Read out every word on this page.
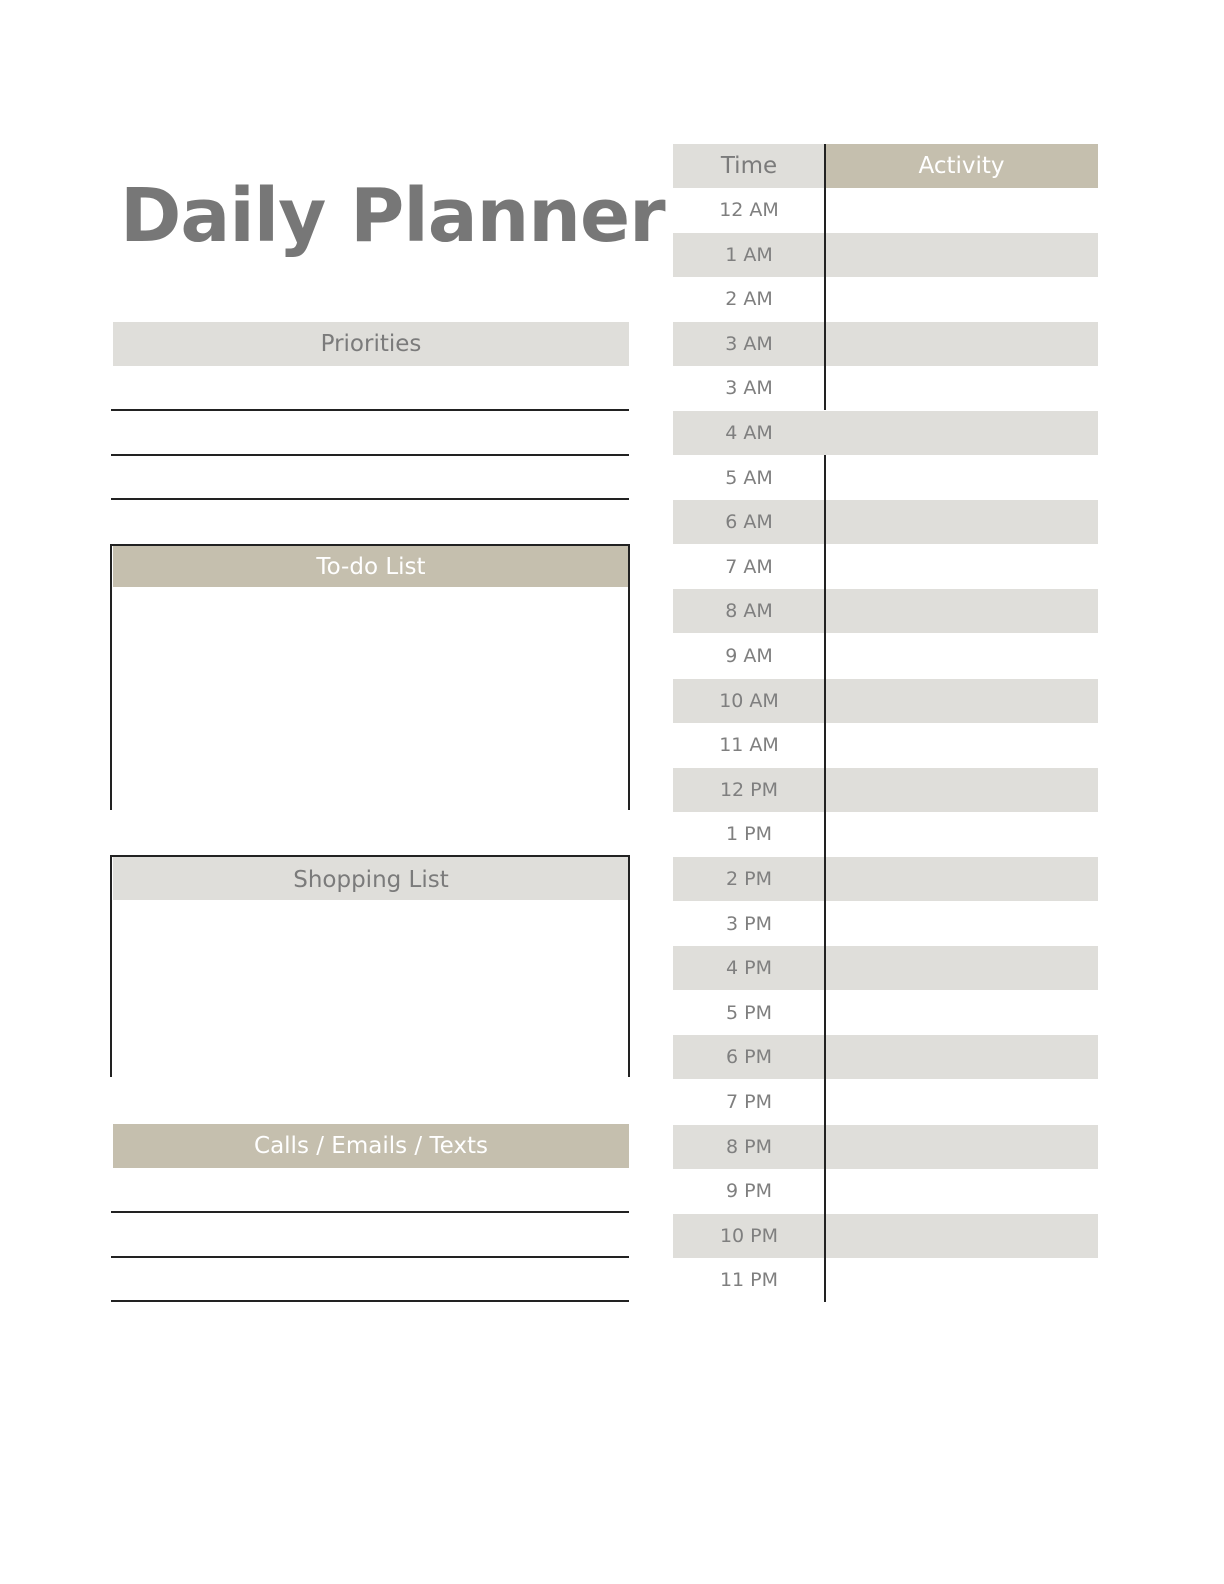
Daily Planner
Priorities
To-do List
Shopping List
Calls / Emails / Texts
Time	Activity
12 AM
1 AM
2 AM
3 AM
3 AM
4 AM
5 AM
6 AM
7 AM
8 AM
9 AM
10 AM
11 AM
12 PM
1 PM
2 PM
3 PM
4 PM
5 PM
6 PM
7 PM
8 PM
9 PM
10 PM
11 PM
